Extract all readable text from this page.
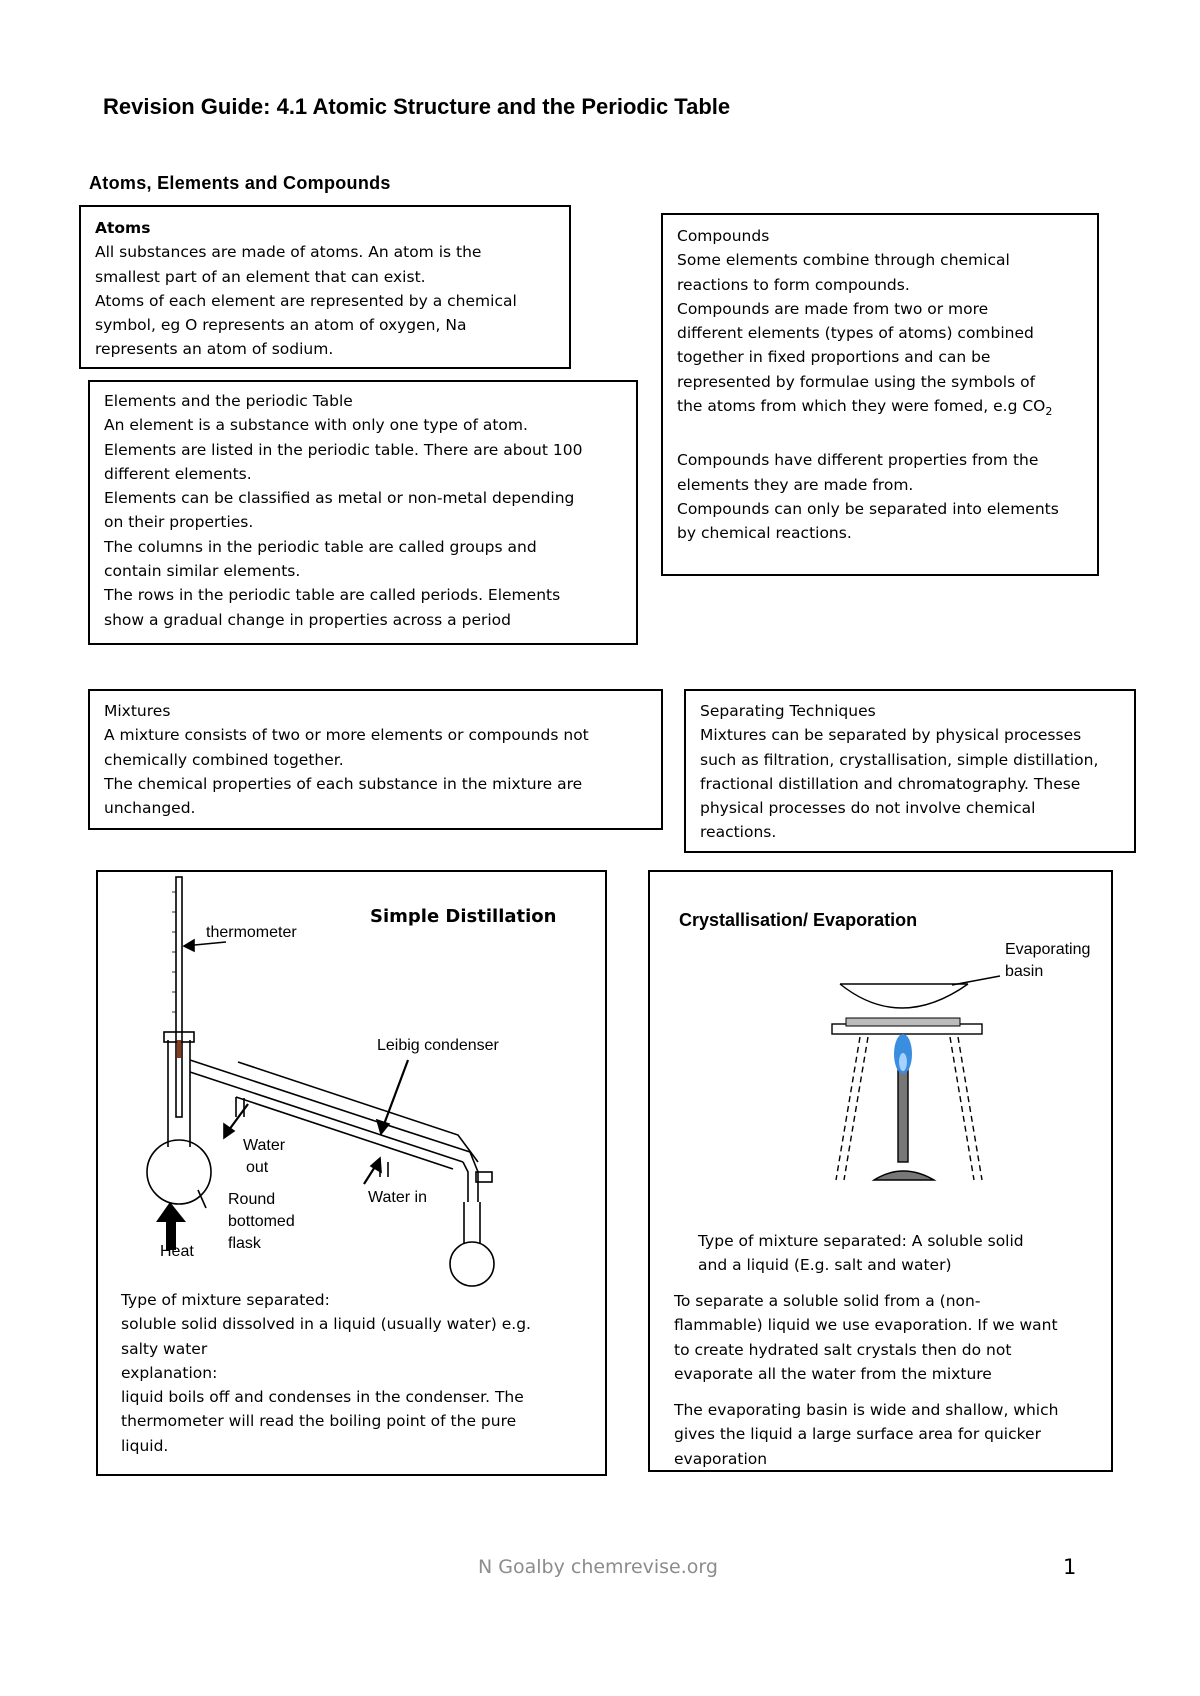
Revision Guide: 4.1 Atomic Structure and the Periodic Table
Atoms, Elements and Compounds
Atoms
All substances are made of atoms. An atom is the
smallest part of an element that can exist.
Atoms of each element are represented by a chemical
symbol, eg O represents an atom of oxygen, Na
represents an atom of sodium.
Elements and the periodic Table
An element is a substance with only one type of atom.
Elements are listed in the periodic table. There are about 100
different elements.
Elements can be classified as metal or non-metal depending
on their properties.
The columns in the periodic table are called groups and
contain similar elements.
The rows in the periodic table are called periods. Elements
show a gradual change in properties across a period
Compounds
Some elements combine through chemical
reactions to form compounds.
Compounds are made from two or more
different elements (types of atoms) combined
together in fixed proportions and can be
represented by formulae using the symbols of
the atoms from which they were fomed, e.g $CO_2$
Compounds have different properties from the
elements they are made from.
Compounds can only be separated into elements
by chemical reactions.
Mixtures
A mixture consists of two or more elements or compounds not
chemically combined together.
The chemical properties of each substance in the mixture are
unchanged.
Separating Techniques
Mixtures can be separated by physical processes
such as filtration, crystallisation, simple distillation,
fractional distillation and chromatography. These
physical processes do not involve chemical
reactions.
Simple Distillation
thermometer
Leibig condenser
Water
out
Water in
Round
bottomed
flask
Heat
Type of mixture separated:
soluble solid dissolved in a liquid (usually water) e.g.
salty water
explanation:
liquid boils off and condenses in the condenser. The
thermometer will read the boiling point of the pure
liquid.
Crystallisation/ Evaporation
Evaporating
basin
Type of mixture separated: A soluble solid
and a liquid (E.g. salt and water)
To separate a soluble solid from a (non-
flammable) liquid we use evaporation. If we want
to create hydrated salt crystals then do not
evaporate all the water from the mixture
The evaporating basin is wide and shallow, which
gives the liquid a large surface area for quicker
evaporation
N Goalby chemrevise.org	1
